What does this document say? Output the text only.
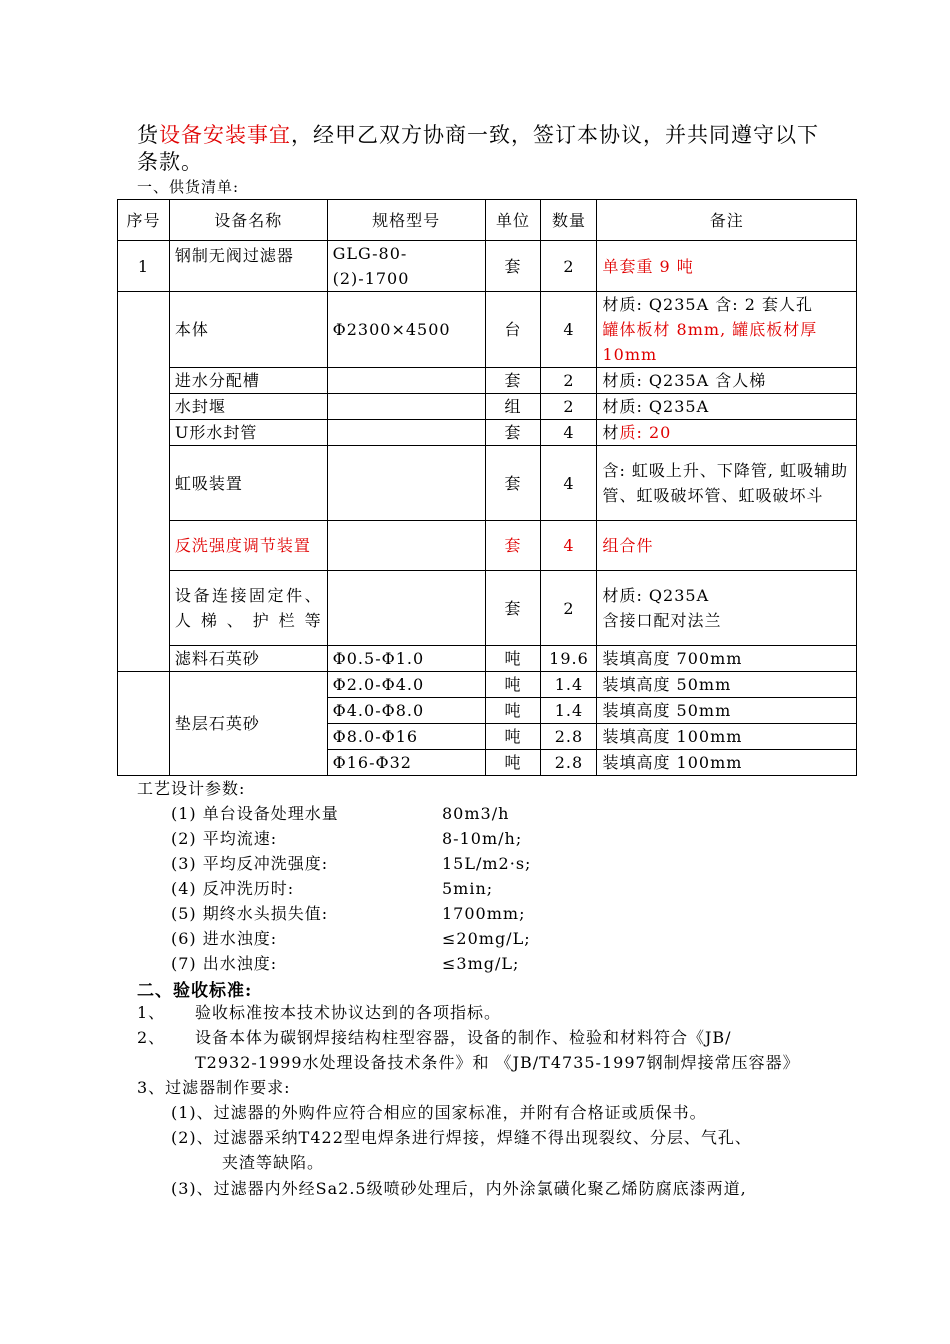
货设备安装事宜，经甲乙双方协商一致，签订本协议，并共同遵守以下条款。
一、供货清单:
序号	设备名称	规格型号	单位	数量	备注
1	钢制无阀过滤器	GLG-80-(2)-1700	套	2	单套重 9 吨
	本体	Φ2300×4500	台	4	材质: Q235A 含: 2 套人孔
罐体板材 8mm, 罐底板材厚 10mm
	进水分配槽		套	2	材质: Q235A 含人梯
	水封堰		组	2	材质: Q235A
	U形水封管		套	4	材质: 20
	虹吸装置		套	4	含: 虹吸上升、下降管, 虹吸辅助管、虹吸破坏管、虹吸破坏斗
	反洗强度调节装置		套	4	组合件
	设备连接固定件、人梯、护栏等		套	2	材质: Q235A
含接口配对法兰
	滤料石英砂	Φ0.5-Φ1.0	吨	19.6	装填高度 700mm
	垫层石英砂	Φ2.0-Φ4.0	吨	1.4	装填高度 50mm
		Φ4.0-Φ8.0	吨	1.4	装填高度 50mm
		Φ8.0-Φ16	吨	2.8	装填高度 100mm
		Φ16-Φ32	吨	2.8	装填高度 100mm
工艺设计参数:
(1) 单台设备处理水量	80m3/h
(2) 平均流速:	8-10m/h;
(3) 平均反冲洗强度:	15L/m2·s;
(4) 反冲洗历时:	5min;
(5) 期终水头损失值:	1700mm;
(6) 进水浊度:	≤20mg/L;
(7) 出水浊度:	≤3mg/L;
二、验收标准:
1、 验收标准按本技术协议达到的各项指标。
2、 设备本体为碳钢焊接结构柱型容器，设备的制作、检验和材料符合《JB/
T2932-1999水处理设备技术条件》和 《JB/T4735-1997钢制焊接常压容器》
3、过滤器制作要求:
(1)、过滤器的外购件应符合相应的国家标准，并附有合格证或质保书。
(2)、过滤器采纳T422型电焊条进行焊接，焊缝不得出现裂纹、分层、气孔、
夹渣等缺陷。
(3)、过滤器内外经Sa2.5级喷砂处理后，内外涂氯磺化聚乙烯防腐底漆两道,
